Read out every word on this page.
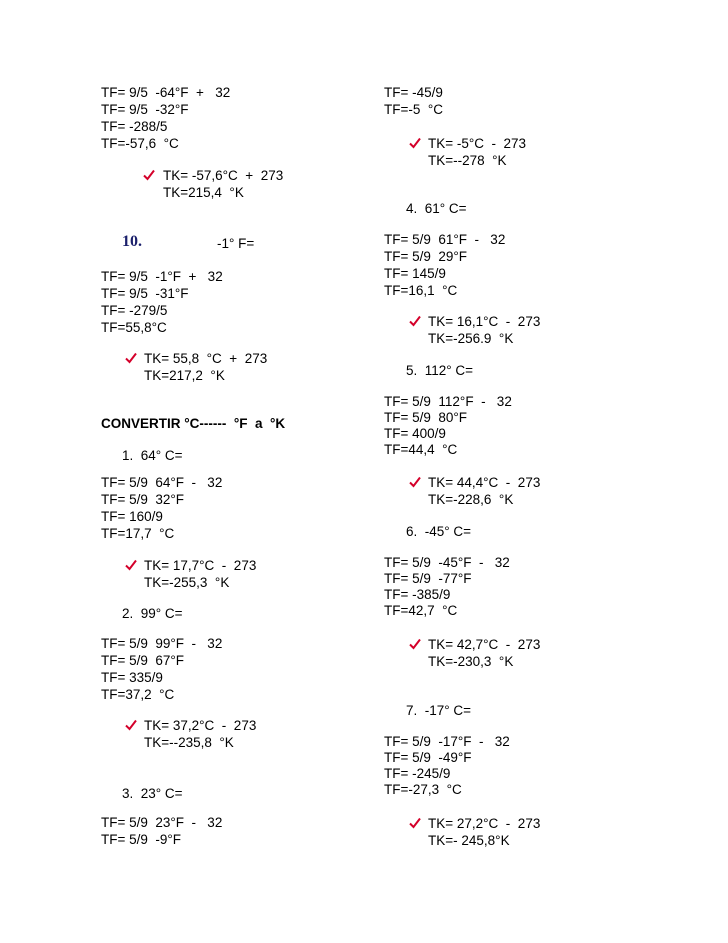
TF= 9/5  -64°F  +   32
TF= 9/5  -32°F
TF= -288/5
TF=-57,6  °C
TK= -57,6°C  +  273
TK=215,4  °K
10.	-1° F=
TF= 9/5  -1°F  +   32
TF= 9/5  -31°F
TF= -279/5
TF=55,8°C
TK= 55,8  °C  +  273
TK=217,2  °K
CONVERTIR °C------  °F  a  °K
1.  64° C=
TF= 5/9  64°F  -   32
TF= 5/9  32°F
TF= 160/9
TF=17,7  °C
TK= 17,7°C  -  273
TK=-255,3  °K
2.  99° C=
TF= 5/9  99°F  -   32
TF= 5/9  67°F
TF= 335/9
TF=37,2  °C
TK= 37,2°C  -  273
TK=--235,8  °K
3.  23° C=
TF= 5/9  23°F  -   32
TF= 5/9  -9°F
TF= -45/9
TF=-5  °C
TK= -5°C  -  273
TK=--278  °K
4.  61° C=
TF= 5/9  61°F  -   32
TF= 5/9  29°F
TF= 145/9
TF=16,1  °C
TK= 16,1°C  -  273
TK=-256.9  °K
5.  112° C=
TF= 5/9  112°F  -   32
TF= 5/9  80°F
TF= 400/9
TF=44,4  °C
TK= 44,4°C  -  273
TK=-228,6  °K
6.  -45° C=
TF= 5/9  -45°F  -   32
TF= 5/9  -77°F
TF= -385/9
TF=42,7  °C
TK= 42,7°C  -  273
TK=-230,3  °K
7.  -17° C=
TF= 5/9  -17°F  -   32
TF= 5/9  -49°F
TF= -245/9
TF=-27,3  °C
TK= 27,2°C  -  273
TK=- 245,8°K
